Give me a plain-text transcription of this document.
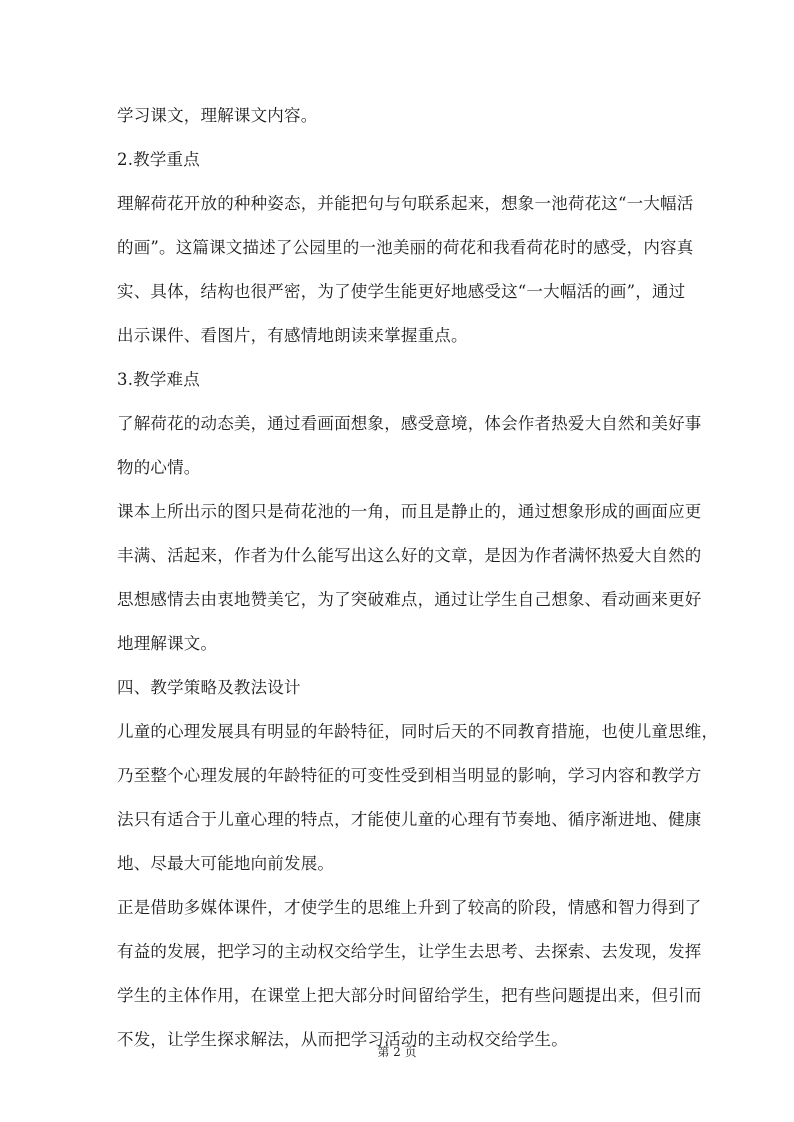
学习课文，理解课文内容。
2.教学重点
理解荷花开放的种种姿态，并能把句与句联系起来，想象一池荷花这“一大幅活
的画”。这篇课文描述了公园里的一池美丽的荷花和我看荷花时的感受，内容真
实、具体，结构也很严密，为了使学生能更好地感受这“一大幅活的画”，通过
出示课件、看图片，有感情地朗读来掌握重点。
3.教学难点
了解荷花的动态美，通过看画面想象，感受意境，体会作者热爱大自然和美好事
物的心情。
课本上所出示的图只是荷花池的一角，而且是静止的，通过想象形成的画面应更
丰满、活起来，作者为什么能写出这么好的文章，是因为作者满怀热爱大自然的
思想感情去由衷地赞美它，为了突破难点，通过让学生自己想象、看动画来更好
地理解课文。
四、教学策略及教法设计
儿童的心理发展具有明显的年龄特征，同时后天的不同教育措施，也使儿童思维，
乃至整个心理发展的年龄特征的可变性受到相当明显的影响，学习内容和教学方
法只有适合于儿童心理的特点，才能使儿童的心理有节奏地、循序渐进地、健康
地、尽最大可能地向前发展。
正是借助多媒体课件，才使学生的思维上升到了较高的阶段，情感和智力得到了
有益的发展，把学习的主动权交给学生，让学生去思考、去探索、去发现，发挥
学生的主体作用，在课堂上把大部分时间留给学生，把有些问题提出来，但引而
不发，让学生探求解法，从而把学习活动的主动权交给学生。
第 2 页
